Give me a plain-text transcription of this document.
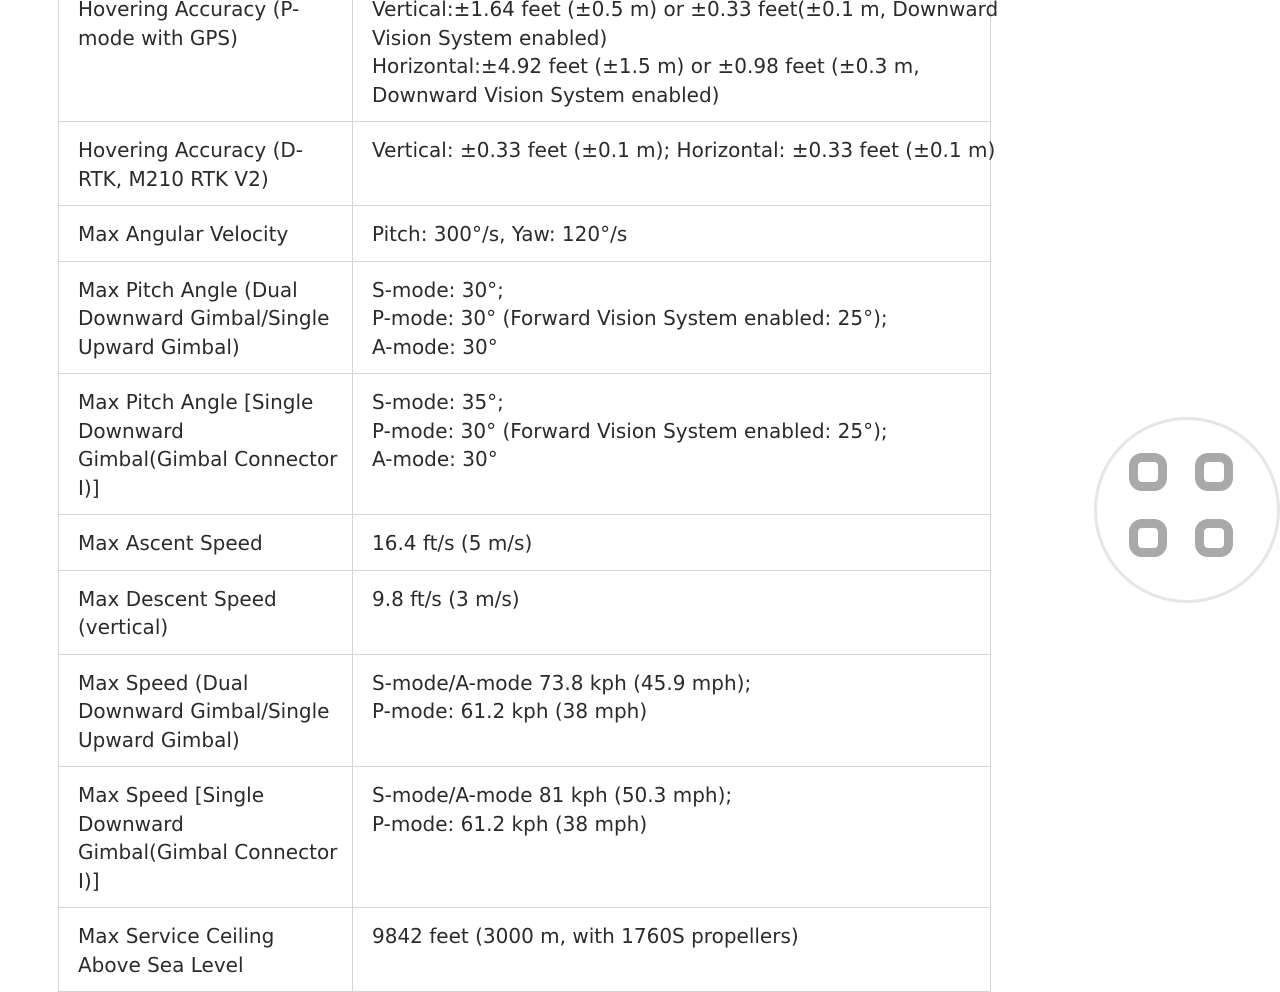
Hovering Accuracy (P-mode with GPS)	Vertical:±1.64 feet (±0.5 m) or ±0.33 feet(±0.1 m, Downward
Vision System enabled)
Horizontal:±4.92 feet (±1.5 m) or ±0.98 feet (±0.3 m,
Downward Vision System enabled)

Hovering Accuracy (D-RTK, M210 RTK V2)	Vertical: ±0.33 feet (±0.1 m); Horizontal: ±0.33 feet (±0.1 m)

Max Angular Velocity	Pitch: 300°/s, Yaw: 120°/s

Max Pitch Angle (Dual Downward Gimbal/Single Upward Gimbal)	S-mode: 30°;
P-mode: 30° (Forward Vision System enabled: 25°);
A-mode: 30°

Max Pitch Angle [Single Downward Gimbal(Gimbal Connector I)]	S-mode: 35°;
P-mode: 30° (Forward Vision System enabled: 25°);
A-mode: 30°

Max Ascent Speed	16.4 ft/s (5 m/s)

Max Descent Speed (vertical)	9.8 ft/s (3 m/s)

Max Speed (Dual Downward Gimbal/Single Upward Gimbal)	S-mode/A-mode 73.8 kph (45.9 mph);
P-mode: 61.2 kph (38 mph)

Max Speed [Single Downward Gimbal(Gimbal Connector I)]	S-mode/A-mode 81 kph (50.3 mph);
P-mode: 61.2 kph (38 mph)

Max Service Ceiling Above Sea Level	9842 feet (3000 m, with 1760S propellers)
